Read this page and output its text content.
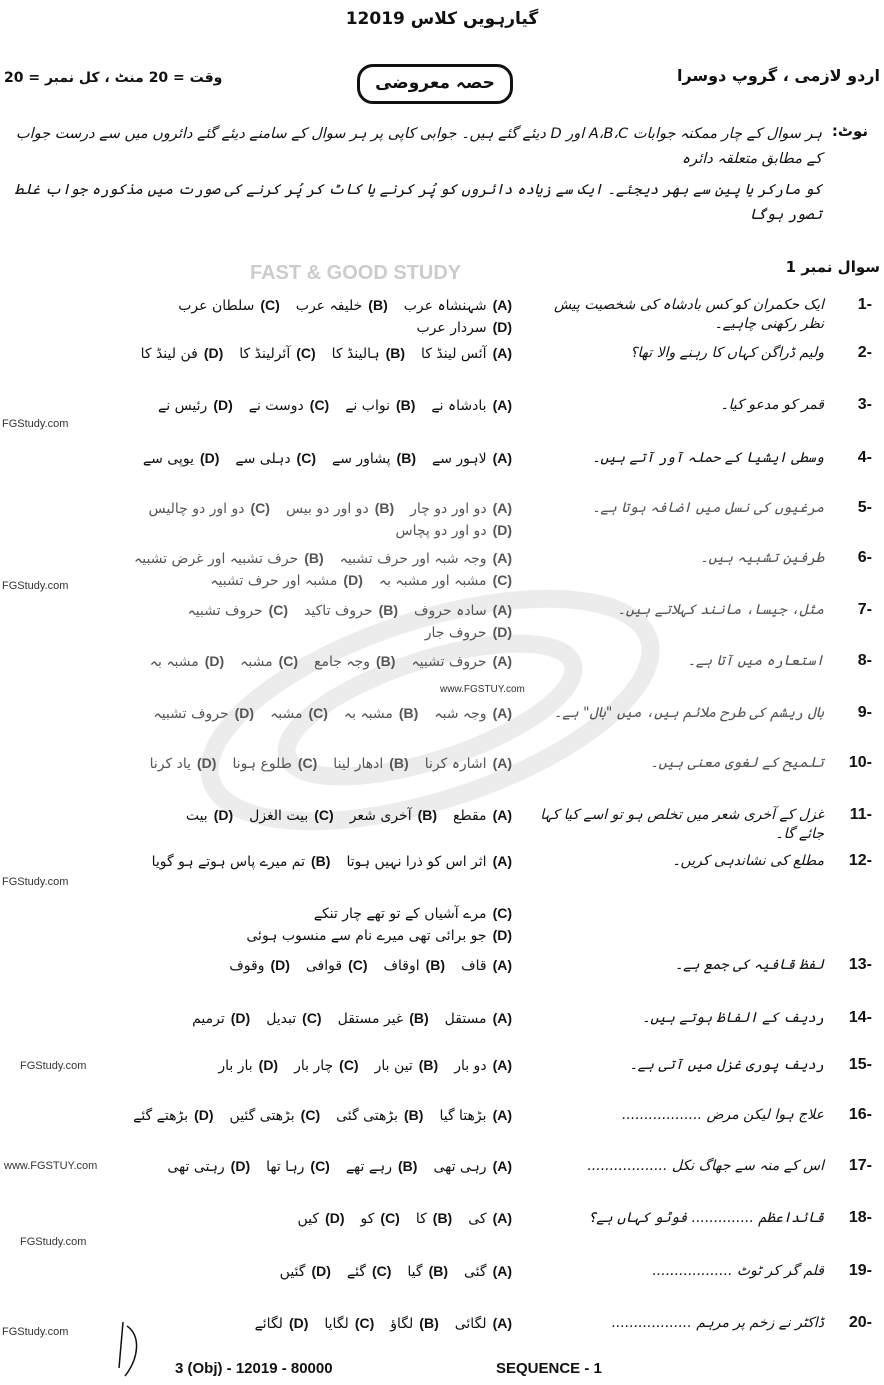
گیارہویں کلاس 12019
اردو لازمی ، گروپ دوسرا
حصہ معروضی
وقت = 20 منٹ ، کل نمبر = 20
نوٹ:
ہر سوال کے چار ممکنہ جوابات A،B،C اور D دیئے گئے ہیں۔ جوابی کاپی پر ہر سوال کے سامنے دیئے گئے دائروں میں سے درست جواب کے مطابق متعلقہ دائرہ
کو مارکر یا پین سے بھر دیجئے۔ ایک سے زیادہ دائروں کو پُر کرنے یا کاٹ کر پُر کرنے کی صورت میں مذکورہ جواب غلط تصور ہوگا
سوال نمبر 1
FAST & GOOD STUDY
1-
ایک حکمران کو کس بادشاہ کی شخصیت پیش نظر رکھنی چاہیے۔
(A)
شہنشاہ عرب
(B)
خلیفہ عرب
(C)
سلطان عرب
(D)
سردار عرب
2-
ولیم ڈراگن کہاں کا رہنے والا تھا؟
(A)
آئس لینڈ کا
(B)
ہالینڈ کا
(C)
آئرلینڈ کا
(D)
فن لینڈ کا
3-
قمر کو مدعو کیا۔
(A)
بادشاہ نے
(B)
نواب نے
(C)
دوست نے
(D)
رئیس نے
4-
وسطی ایشیا کے حملہ آور آتے ہیں۔
(A)
لاہور سے
(B)
پشاور سے
(C)
دہلی سے
(D)
یوپی سے
5-
مرغیوں کی نسل میں اضافہ ہوتا ہے۔
(A)
دو اور دو چار
(B)
دو اور دو بیس
(C)
دو اور دو چالیس
(D)
دو اور دو پچاس
6-
طرفین تشبیہ ہیں۔
(A)
وجہ شبہ اور حرف تشبیہ
(B)
حرف تشبیہ اور غرض تشبیہ
(C)
مشبہ اور مشبہ بہ
(D)
مشبہ اور حرف تشبیہ
7-
مثل، جیسا، مانند کہلاتے ہیں۔
(A)
سادہ حروف
(B)
حروف تاکید
(C)
حروف تشبیہ
(D)
حروف جار
8-
استعارہ میں آتا ہے۔
(A)
حروف تشبیہ
(B)
وجہ جامع
(C)
مشبہ
(D)
مشبہ بہ
9-
بال ریشم کی طرح ملائم ہیں، میں "بال" ہے۔
(A)
وجہ شبہ
(B)
مشبہ بہ
(C)
مشبہ
(D)
حروف تشبیہ
10-
تلمیح کے لغوی معنی ہیں۔
(A)
اشارہ کرنا
(B)
ادھار لینا
(C)
طلوع ہونا
(D)
یاد کرنا
11-
غزل کے آخری شعر میں تخلص ہو تو اسے کیا کہا جائے گا۔
(A)
مقطع
(B)
آخری شعر
(C)
بیت الغزل
(D)
بیت
12-
مطلع کی نشاندہی کریں۔
(A)
اثر اس کو ذرا نہیں ہوتا
(B)
تم میرے پاس ہوتے ہو گویا
(C)
مرے آشیاں کے تو تھے چار تنکے
(D)
جو برائی تھی میرے نام سے منسوب ہوئی
13-
لفظ قافیہ کی جمع ہے۔
(A)
قاف
(B)
اوقاف
(C)
قوافی
(D)
وقوف
14-
ردیف کے الفاظ ہوتے ہیں۔
(A)
مستقل
(B)
غیر مستقل
(C)
تبدیل
(D)
ترمیم
15-
ردیف پوری غزل میں آتی ہے۔
(A)
دو بار
(B)
تین بار
(C)
چار بار
(D)
بار بار
16-
علاج ہوا لیکن مرض ..................
(A)
بڑھتا گیا
(B)
بڑھتی گئی
(C)
بڑھتی گئیں
(D)
بڑھتے گئے
17-
اس کے منہ سے جھاگ نکل ..................
(A)
رہی تھی
(B)
رہے تھے
(C)
رہا تھا
(D)
رہتی تھی
18-
قائداعظم .............. فوٹو کہاں ہے؟
(A)
کی
(B)
کا
(C)
کو
(D)
کیں
19-
قلم گر کر ٹوٹ ..................
(A)
گئی
(B)
گیا
(C)
گئے
(D)
گئیں
20-
ڈاکٹر نے زخم پر مرہم ..................
(A)
لگائی
(B)
لگاؤ
(C)
لگایا
(D)
لگائے
FGStudy.com
FGStudy.com
www.FGSTUY.com
FGStudy.com
FGStudy.com
www.FGSTUY.com
FGStudy.com
FGStudy.com
3 (Obj) - 12019 - 80000	SEQUENCE - 1
